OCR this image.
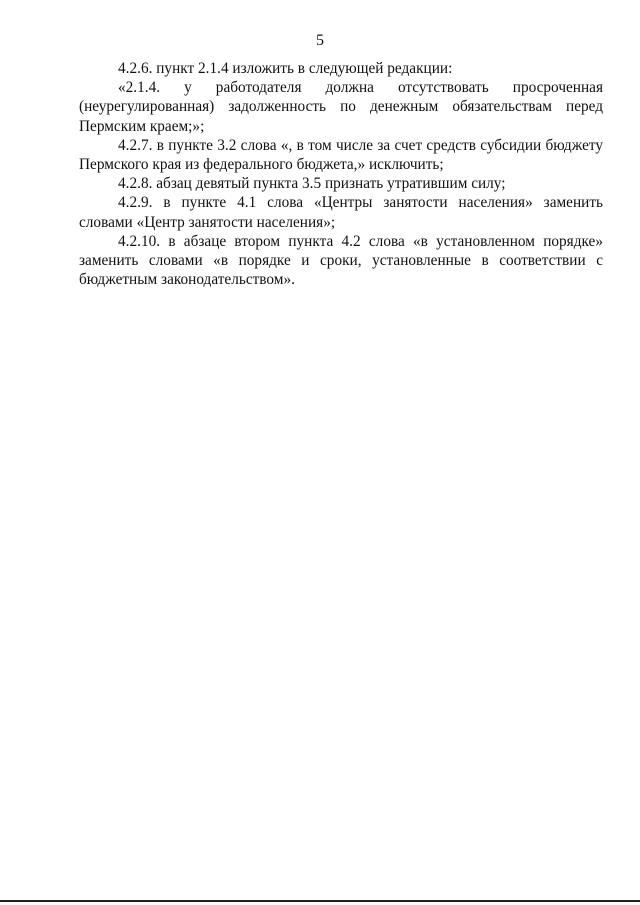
5

4.2.6. пункт 2.1.4 изложить в следующей редакции:

«2.1.4. у работодателя должна отсутствовать просроченная (неурегулированная) задолженность по денежным обязательствам перед Пермским краем;»;

4.2.7. в пункте 3.2 слова «, в том числе за счет средств субсидии бюджету Пермского края из федерального бюджета,» исключить;

4.2.8. абзац девятый пункта 3.5 признать утратившим силу;

4.2.9. в пункте 4.1 слова «Центры занятости населения» заменить словами «Центр занятости населения»;

4.2.10. в абзаце втором пункта 4.2 слова «в установленном порядке» заменить словами «в порядке и сроки, установленные в соответствии с бюджетным законодательством».
